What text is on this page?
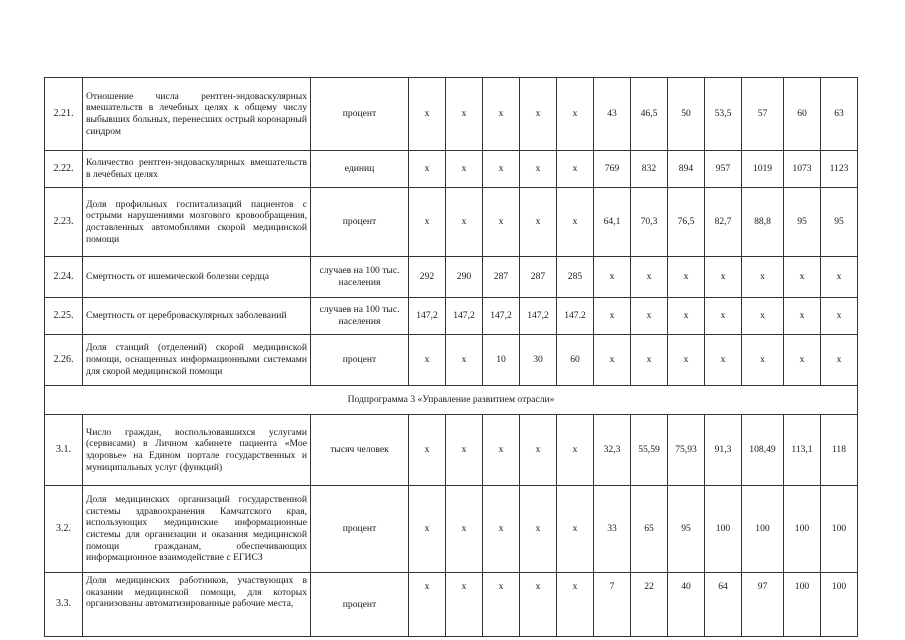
2.21.	Отношение числа рентген-эндоваскулярных вмешательств в лечебных целях к общему числу выбывших больных, перенесших острый коронарный синдром	процент	x	x	x	x	x	43	46,5	50	53,5	57	60	63
2.22.	Количество рентген-эндоваскулярных вмешательств в лечебных целях	единиц	x	x	x	x	x	769	832	894	957	1019	1073	1123
2.23.	Доля профильных госпитализаций пациентов с острыми нарушениями мозгового кровообращения, доставленных автомобилями скорой медицинской помощи	процент	x	x	x	x	x	64,1	70,3	76,5	82,7	88,8	95	95
2.24.	Смертность от ишемической болезни сердца	случаев на 100 тыс. населения	292	290	287	287	285	x	x	x	x	x	x	x
2.25.	Смертность от цереброваскулярных заболеваний	случаев на 100 тыс. населения	147,2	147,2	147,2	147,2	147.2	x	x	x	x	x	x	x
2.26.	Доля станций (отделений) скорой медицинской помощи, оснащенных информационными системами для скорой медицинской помощи	процент	x	x	10	30	60	x	x	x	x	x	x	x
Подпрограмма 3 «Управление развитием отрасли»														
3.1.	Число граждан, воспользовавшихся услугами (сервисами) в Личном кабинете пациента «Мое здоровье» на Едином портале государственных и муниципальных услуг (функций)	тысяч человек	x	x	x	x	x	32,3	55,59	75,93	91,3	108,49	113,1	118
3.2.	Доля медицинских организаций государственной системы здравоохранения Камчатского края, использующих медицинские информационные системы для организации и оказания медицинской помощи гражданам, обеспечивающих информационное взаимодействие с ЕГИСЗ	процент	x	x	x	x	x	33	65	95	100	100	100	100
3.3.	Доля медицинских работников, участвующих в оказании медицинской помощи, для которых организованы автоматизированные рабочие места,	процент	x	x	x	x	x	7	22	40	64	97	100	100
